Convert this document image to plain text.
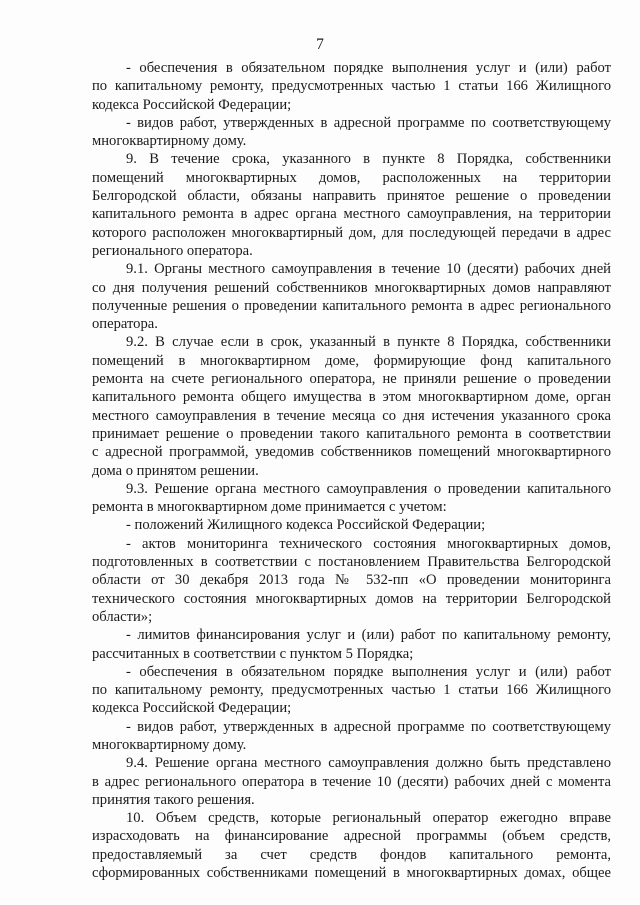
7
- обеспечения в обязательном порядке выполнения услуг и (или) работ
по капитальному ремонту, предусмотренных частью 1 статьи 166 Жилищного
кодекса Российской Федерации;
- видов работ, утвержденных в адресной программе по соответствующему
многоквартирному дому.
9. В течение срока, указанного в пункте 8 Порядка, собственники
помещений многоквартирных домов, расположенных на территории
Белгородской области, обязаны направить принятое решение о проведении
капитального ремонта в адрес органа местного самоуправления, на территории
которого расположен многоквартирный дом, для последующей передачи в адрес
регионального оператора.
9.1. Органы местного самоуправления в течение 10 (десяти) рабочих дней
со дня получения решений собственников многоквартирных домов направляют
полученные решения о проведении капитального ремонта в адрес регионального
оператора.
9.2. В случае если в срок, указанный в пункте 8 Порядка, собственники
помещений в многоквартирном доме, формирующие фонд капитального
ремонта на счете регионального оператора, не приняли решение о проведении
капитального ремонта общего имущества в этом многоквартирном доме, орган
местного самоуправления в течение месяца со дня истечения указанного срока
принимает решение о проведении такого капитального ремонта в соответствии
с адресной программой, уведомив собственников помещений многоквартирного
дома о принятом решении.
9.3. Решение органа местного самоуправления о проведении капитального
ремонта в многоквартирном доме принимается с учетом:
- положений Жилищного кодекса Российской Федерации;
- актов мониторинга технического состояния многоквартирных домов,
подготовленных в соответствии с постановлением Правительства Белгородской
области от 30 декабря 2013 года № 532-пп «О проведении мониторинга
технического состояния многоквартирных домов на территории Белгородской
области»;
- лимитов финансирования услуг и (или) работ по капитальному ремонту,
рассчитанных в соответствии с пунктом 5 Порядка;
- обеспечения в обязательном порядке выполнения услуг и (или) работ
по капитальному ремонту, предусмотренных частью 1 статьи 166 Жилищного
кодекса Российской Федерации;
- видов работ, утвержденных в адресной программе по соответствующему
многоквартирному дому.
9.4. Решение органа местного самоуправления должно быть представлено
в адрес регионального оператора в течение 10 (десяти) рабочих дней с момента
принятия такого решения.
10. Объем средств, которые региональный оператор ежегодно вправе
израсходовать на финансирование адресной программы (объем средств,
предоставляемый за счет средств фондов капитального ремонта,
сформированных собственниками помещений в многоквартирных домах, общее
